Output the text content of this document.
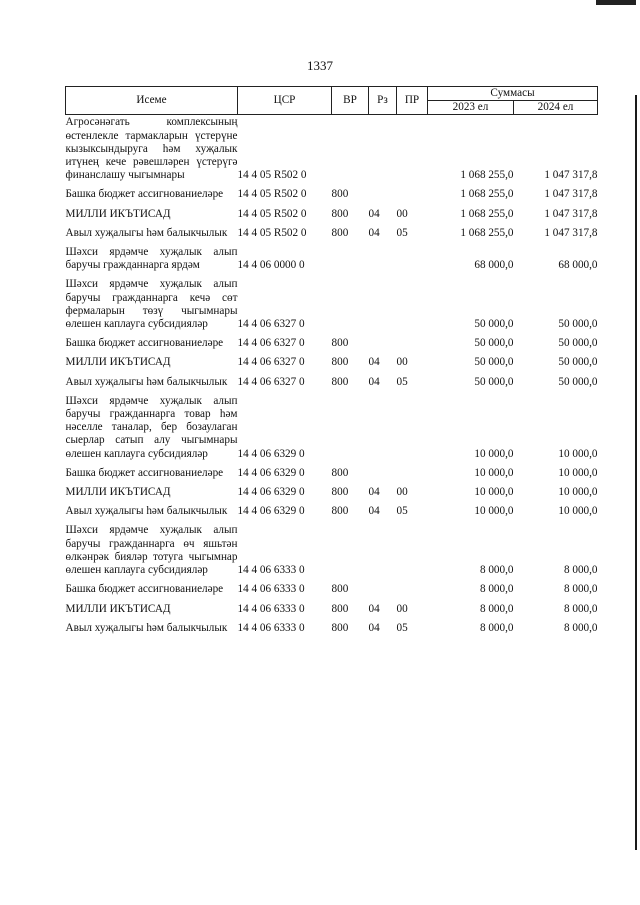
1337
Исеме	ЦСР	ВР	Рз	ПР	Суммасы	
					2023 ел	2024 ел
Агросәнәгать комплексының өстенлекле тармакларын үстерүне кызыксындыруга һәм хуҗалык итүнең кече рәвешләрен үстерүгә финанслашу чыгымнары	14 4 05 R502 0				1 068 255,0	1 047 317,8
Башка бюджет ассигнованиеләре	14 4 05 R502 0	800			1 068 255,0	1 047 317,8
МИЛЛИ ИКЪТИСАД	14 4 05 R502 0	800	04	00	1 068 255,0	1 047 317,8
Авыл хуҗалыгы һәм балыкчылык	14 4 05 R502 0	800	04	05	1 068 255,0	1 047 317,8
Шәхси ярдәмче хуҗалык алып баручы гражданнарга ярдәм	14 4 06 0000 0				68 000,0	68 000,0
Шәхси ярдәмче хуҗалык алып баручы гражданнарга кечә сөт фермаларын төзү чыгымнары өлешен каплауга субсидияләр	14 4 06 6327 0				50 000,0	50 000,0
Башка бюджет ассигнованиеләре	14 4 06 6327 0	800			50 000,0	50 000,0
МИЛЛИ ИКЪТИСАД	14 4 06 6327 0	800	04	00	50 000,0	50 000,0
Авыл хуҗалыгы һәм балыкчылык	14 4 06 6327 0	800	04	05	50 000,0	50 000,0
Шәхси ярдәмче хуҗалык алып баручы гражданнарга товар һәм нәселле таналар, бер бозаулаган сыерлар сатып алу чыгымнары өлешен каплауга субсидияләр	14 4 06 6329 0				10 000,0	10 000,0
Башка бюджет ассигнованиеләре	14 4 06 6329 0	800			10 000,0	10 000,0
МИЛЛИ ИКЪТИСАД	14 4 06 6329 0	800	04	00	10 000,0	10 000,0
Авыл хуҗалыгы һәм балыкчылык	14 4 06 6329 0	800	04	05	10 000,0	10 000,0
Шәхси ярдәмче хуҗалык алып баручы гражданнарга өч яшьтән өлкәнрәк бияләр тотуга чыгымнар өлешен каплауга субсидияләр	14 4 06 6333 0				8 000,0	8 000,0
Башка бюджет ассигнованиеләре	14 4 06 6333 0	800			8 000,0	8 000,0
МИЛЛИ ИКЪТИСАД	14 4 06 6333 0	800	04	00	8 000,0	8 000,0
Авыл хуҗалыгы һәм балыкчылык	14 4 06 6333 0	800	04	05	8 000,0	8 000,0
